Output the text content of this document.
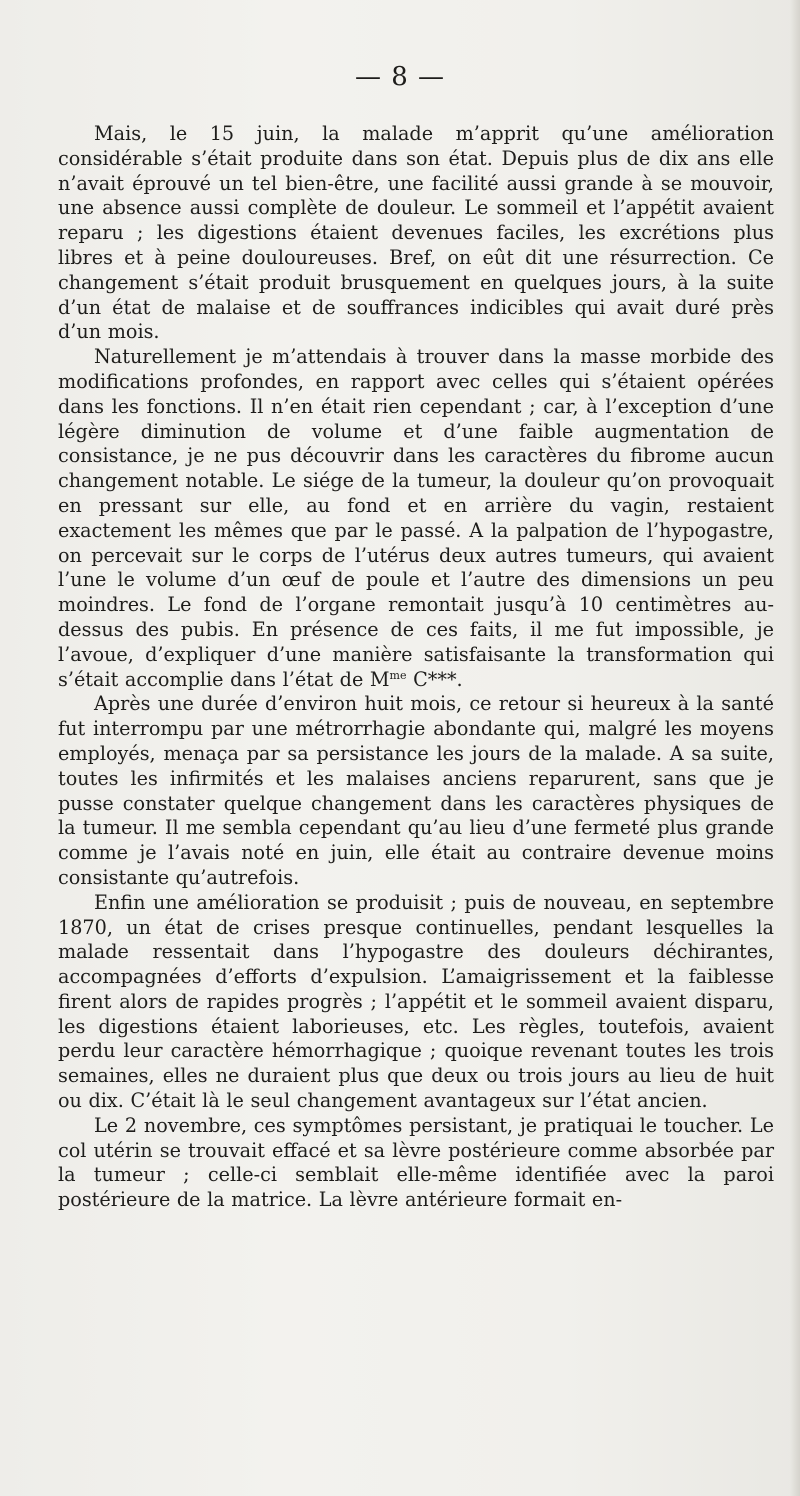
— 8 —

Mais, le 15 juin, la malade m’apprit qu’une amélioration considérable s’était produite dans son état. Depuis plus de dix ans elle n’avait éprouvé un tel bien-être, une facilité aussi grande à se mouvoir, une absence aussi complète de douleur. Le sommeil et l’appétit avaient reparu ; les digestions étaient devenues faciles, les excrétions plus libres et à peine douloureuses. Bref, on eût dit une résurrection. Ce changement s’était produit brusquement en quelques jours, à la suite d’un état de malaise et de souffrances indicibles qui avait duré près d’un mois.

Naturellement je m’attendais à trouver dans la masse morbide des modifications profondes, en rapport avec celles qui s’étaient opérées dans les fonctions. Il n’en était rien cependant ; car, à l’exception d’une légère diminution de volume et d’une faible augmentation de consistance, je ne pus découvrir dans les caractères du fibrome aucun changement notable. Le siége de la tumeur, la douleur qu’on provoquait en pressant sur elle, au fond et en arrière du vagin, restaient exactement les mêmes que par le passé. A la palpation de l’hypogastre, on percevait sur le corps de l’utérus deux autres tumeurs, qui avaient l’une le volume d’un œuf de poule et l’autre des dimensions un peu moindres. Le fond de l’organe remontait jusqu’à 10 centimètres au-dessus des pubis. En présence de ces faits, il me fut impossible, je l’avoue, d’expliquer d’une manière satisfaisante la transformation qui s’était accomplie dans l’état de $M^{me}$ C***.

Après une durée d’environ huit mois, ce retour si heureux à la santé fut interrompu par une métrorrhagie abondante qui, malgré les moyens employés, menaça par sa persistance les jours de la malade. A sa suite, toutes les infirmités et les malaises anciens reparurent, sans que je pusse constater quelque changement dans les caractères physiques de la tumeur. Il me sembla cependant qu’au lieu d’une fermeté plus grande comme je l’avais noté en juin, elle était au contraire devenue moins consistante qu’autrefois.

Enfin une amélioration se produisit ; puis de nouveau, en septembre 1870, un état de crises presque continuelles, pendant lesquelles la malade ressentait dans l’hypogastre des douleurs déchirantes, accompagnées d’efforts d’expulsion. L’amaigrissement et la faiblesse firent alors de rapides progrès ; l’appétit et le sommeil avaient disparu, les digestions étaient laborieuses, etc. Les règles, toutefois, avaient perdu leur caractère hémorrhagique ; quoique revenant toutes les trois semaines, elles ne duraient plus que deux ou trois jours au lieu de huit ou dix. C’était là le seul changement avantageux sur l’état ancien.

Le 2 novembre, ces symptômes persistant, je pratiquai le toucher. Le col utérin se trouvait effacé et sa lèvre postérieure comme absorbée par la tumeur ; celle-ci semblait elle-même identifiée avec la paroi postérieure de la matrice. La lèvre antérieure formait en-
